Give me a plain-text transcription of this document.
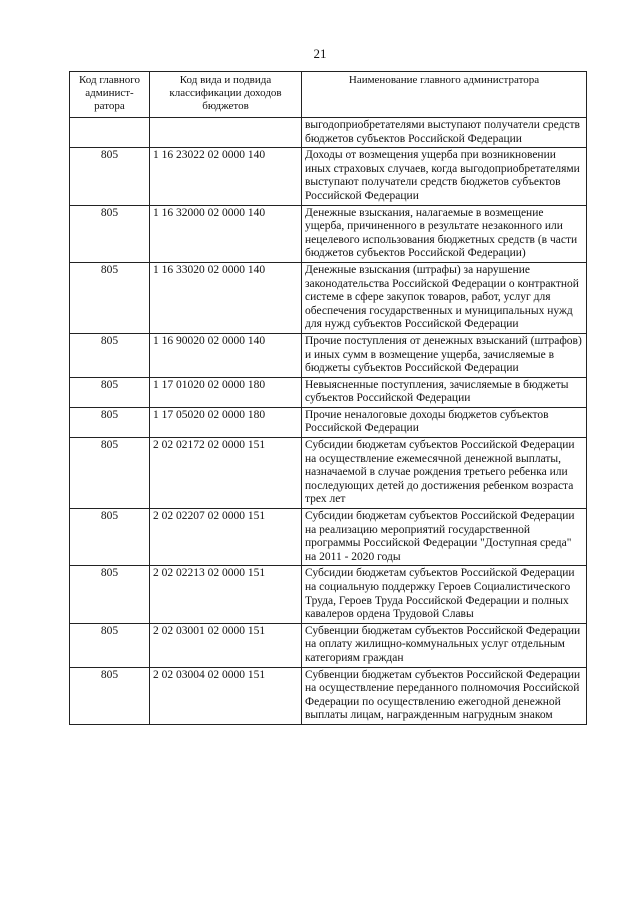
21
Код главного админист-ратора	Код вида и подвида классификации доходов бюджетов	Наименование главного администратора
		выгодоприобретателями выступают получатели средств бюджетов субъектов Российской Федерации
805	1 16 23022 02 0000 140	Доходы от возмещения ущерба при возникновении иных страховых случаев, когда выгодоприобретателями выступают получатели средств бюджетов субъектов Российской Федерации
805	1 16 32000 02 0000 140	Денежные взыскания, налагаемые в возмещение ущерба, причиненного в результате незаконного или нецелевого использования бюджетных средств (в части бюджетов субъектов Российской Федерации)
805	1 16 33020 02 0000 140	Денежные взыскания (штрафы) за нарушение законодательства Российской Федерации о контрактной системе в сфере закупок товаров, работ, услуг для обеспечения государственных и муниципальных нужд для нужд субъектов Российской Федерации
805	1 16 90020 02 0000 140	Прочие поступления от денежных взысканий (штрафов) и иных сумм в возмещение ущерба, зачисляемые в бюджеты субъектов Российской Федерации
805	1 17 01020 02 0000 180	Невыясненные поступления, зачисляемые в бюджеты субъектов Российской Федерации
805	1 17 05020 02 0000 180	Прочие неналоговые доходы бюджетов субъектов Российской Федерации
805	2 02 02172 02 0000 151	Субсидии бюджетам субъектов Российской Федерации на осуществление ежемесячной денежной выплаты, назначаемой в случае рождения третьего ребенка или последующих детей до достижения ребенком возраста трех лет
805	2 02 02207 02 0000 151	Субсидии бюджетам субъектов Российской Федерации на реализацию мероприятий государственной программы Российской Федерации "Доступная среда" на 2011 - 2020 годы
805	2 02 02213 02 0000 151	Субсидии бюджетам субъектов Российской Федерации на социальную поддержку Героев Социалистического Труда, Героев Труда Российской Федерации и полных кавалеров ордена Трудовой Славы
805	2 02 03001 02 0000 151	Субвенции бюджетам субъектов Российской Федерации на оплату жилищно-коммунальных услуг отдельным категориям граждан
805	2 02 03004 02 0000 151	Субвенции бюджетам субъектов Российской Федерации на осуществление переданного полномочия Российской Федерации по осуществлению ежегодной денежной выплаты лицам, награжденным нагрудным знаком
